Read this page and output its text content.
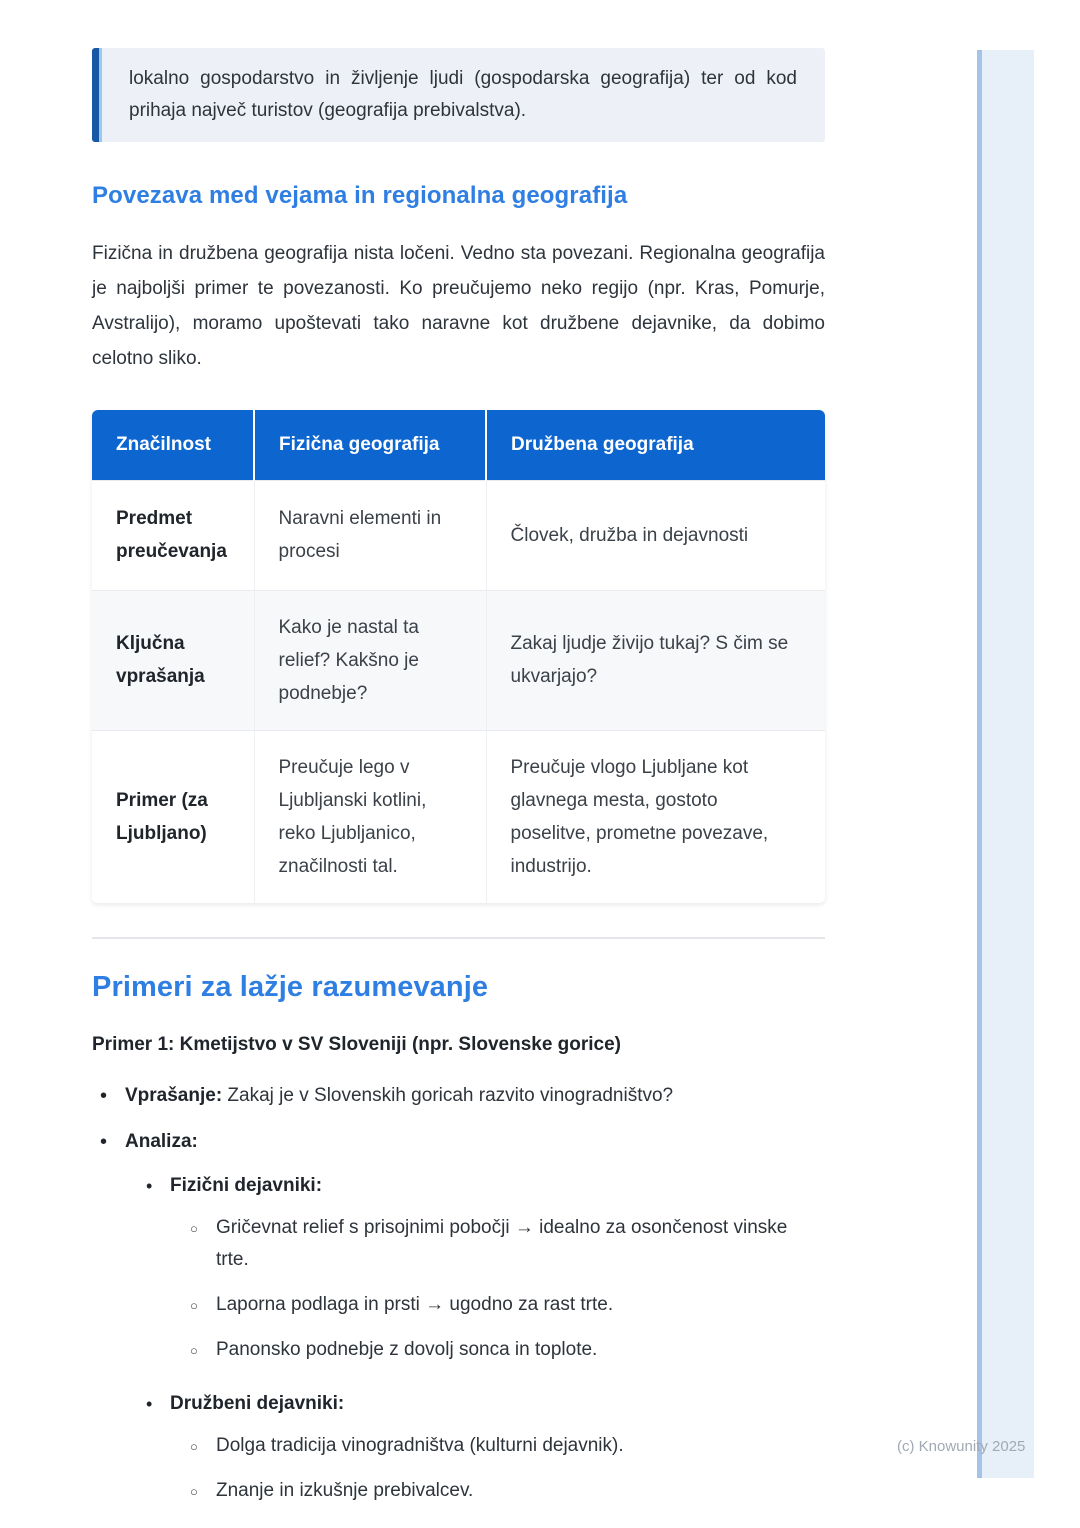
(c) Knowunity 2025
lokalno gospodarstvo in življenje ljudi (gospodarska geografija) ter od kod prihaja največ turistov (geografija prebivalstva).
Povezava med vejama in regionalna geografija

Fizična in družbena geografija nista ločeni. Vedno sta povezani. Regionalna geografija je najboljši primer te povezanosti. Ko preučujemo neko regijo (npr. Kras, Pomurje, Avstralijo), moramo upoštevati tako naravne kot družbene dejavnike, da dobimo celotno sliko.

Značilnost	Fizična geografija	Družbena geografija
Predmet preučevanja	Naravni elementi in procesi	Človek, družba in dejavnosti
Ključna vprašanja	Kako je nastal ta relief? Kakšno je podnebje?	Zakaj ljudje živijo tukaj? S čim se ukvarjajo?
Primer (za Ljubljano)	Preučuje lego v Ljubljanski kotlini, reko Ljubljanico, značilnosti tal.	Preučuje vlogo Ljubljane kot glavnega mesta, gostoto poselitve, prometne povezave, industrijo.
Primeri za lažje razumevanje
Primer 1: Kmetijstvo v SV Sloveniji (npr. Slovenske gorice)
• Vprašanje: Zakaj je v Slovenskih goricah razvito vinogradništvo?
• Analiza:
• Fizični dejavniki:
○ Gričevnat relief s prisojnimi pobočji → idealno za osončenost vinske trte.
○ Laporna podlaga in prsti → ugodno za rast trte.
○ Panonsko podnebje z dovolj sonca in toplote.
• Družbeni dejavniki:
○ Dolga tradicija vinogradništva (kulturni dejavnik).
○ Znanje in izkušnje prebivalcev.
